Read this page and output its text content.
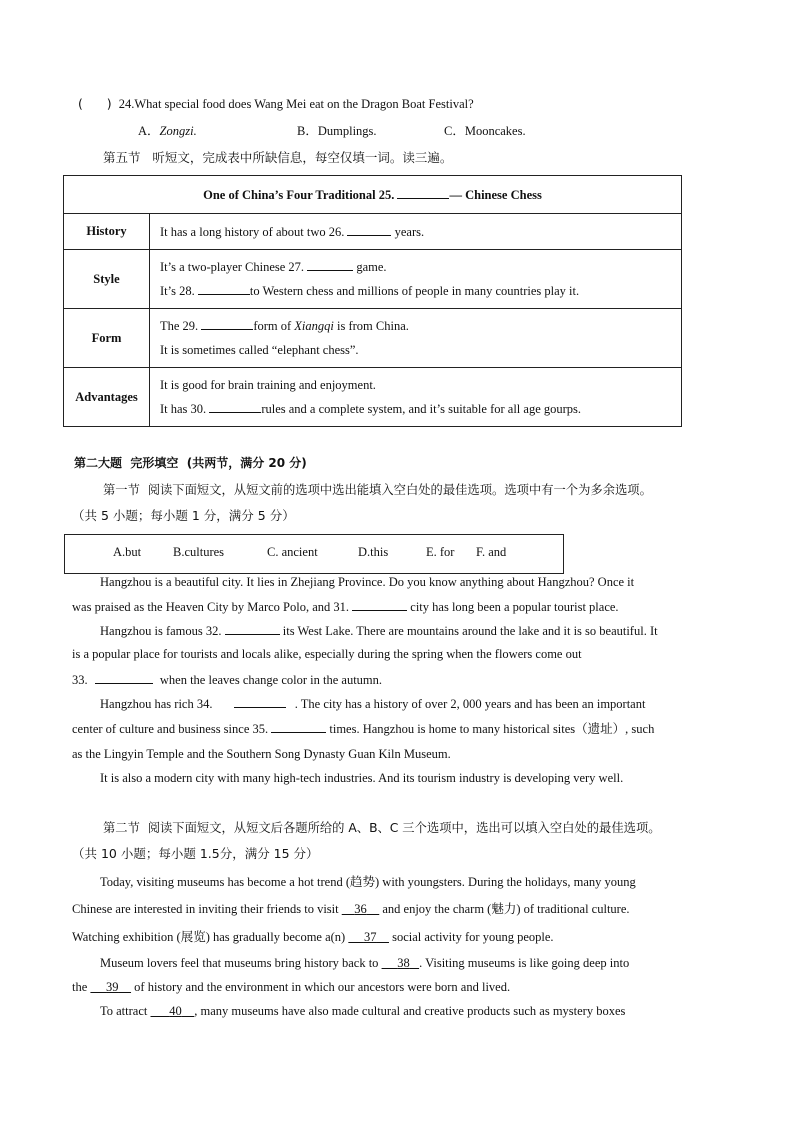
(      ) 24.What special food does Wang Mei eat on the Dragon Boat Festival?
A．Zongzi.	B．Dumplings.	C．Mooncakes.
第五节   听短文，完成表中所缺信息，每空仅填一词。读三遍。
One of China’s Four Traditional 25. — Chinese Chess	
History	It has a long history of about two 26. years.

Style	It’s a two-player Chinese 27. game.
It’s 28. to Western chess and millions of people in many countries play it.

Form	The 29. form of Xiangqi is from China.
It is sometimes called “elephant chess”.

Advantages	It is good for brain training and enjoyment.
It has 30. rules and a complete system, and it’s suitable for all age gourps.
第二大题  完形填空  (共两节，满分 20 分)
第一节  阅读下面短文，从短文前的选项中选出能填入空白处的最佳选项。选项中有一个为多余选项。
（共 5 小题；每小题 1 分，满分 5 分）
A.but	B.cultures	C. ancient	D.this	E. for F. and
Hangzhou is a beautiful city. It lies in Zhejiang Province. Do you know anything about Hangzhou? Once it
was praised as the Heaven City by Marco Polo, and 31.	city has long been a popular tourist place.
Hangzhou is famous 32.	its West Lake. There are mountains around the lake and it is so beautiful. It
is a popular place for tourists and locals alike, especially during the spring when the flowers come out
33.	when the leaves change color in the autumn.
Hangzhou has rich 34.	. The city has a history of over 2, 000 years and has been an important
center of culture and business since 35.	times. Hangzhou is home to many historical sites（遗址）, such
as the Lingyin Temple and the Southern Song Dynasty Guan Kiln Museum.
It is also a modern city with many high-tech industries. And its tourism industry is developing very well.
第二节  阅读下面短文，从短文后各题所给的 A、B、C 三个选项中，选出可以填入空白处的最佳选项。
（共 10 小题；每小题 1.5分，满分 15 分）
Today, visiting museums has become a hot trend (趋势) with youngsters. During the holidays, many young
Chinese are interested in inviting their friends to visit 36 and enjoy the charm (魅力) of traditional culture.
Watching exhibition (展览) has gradually become a(n) 37 social activity for young people.
Museum lovers feel that museums bring history back to 38 . Visiting museums is like going deep into
the 39 of history and the environment in which our ancestors were born and lived.
To attract 40 , many museums have also made cultural and creative products such as mystery boxes
